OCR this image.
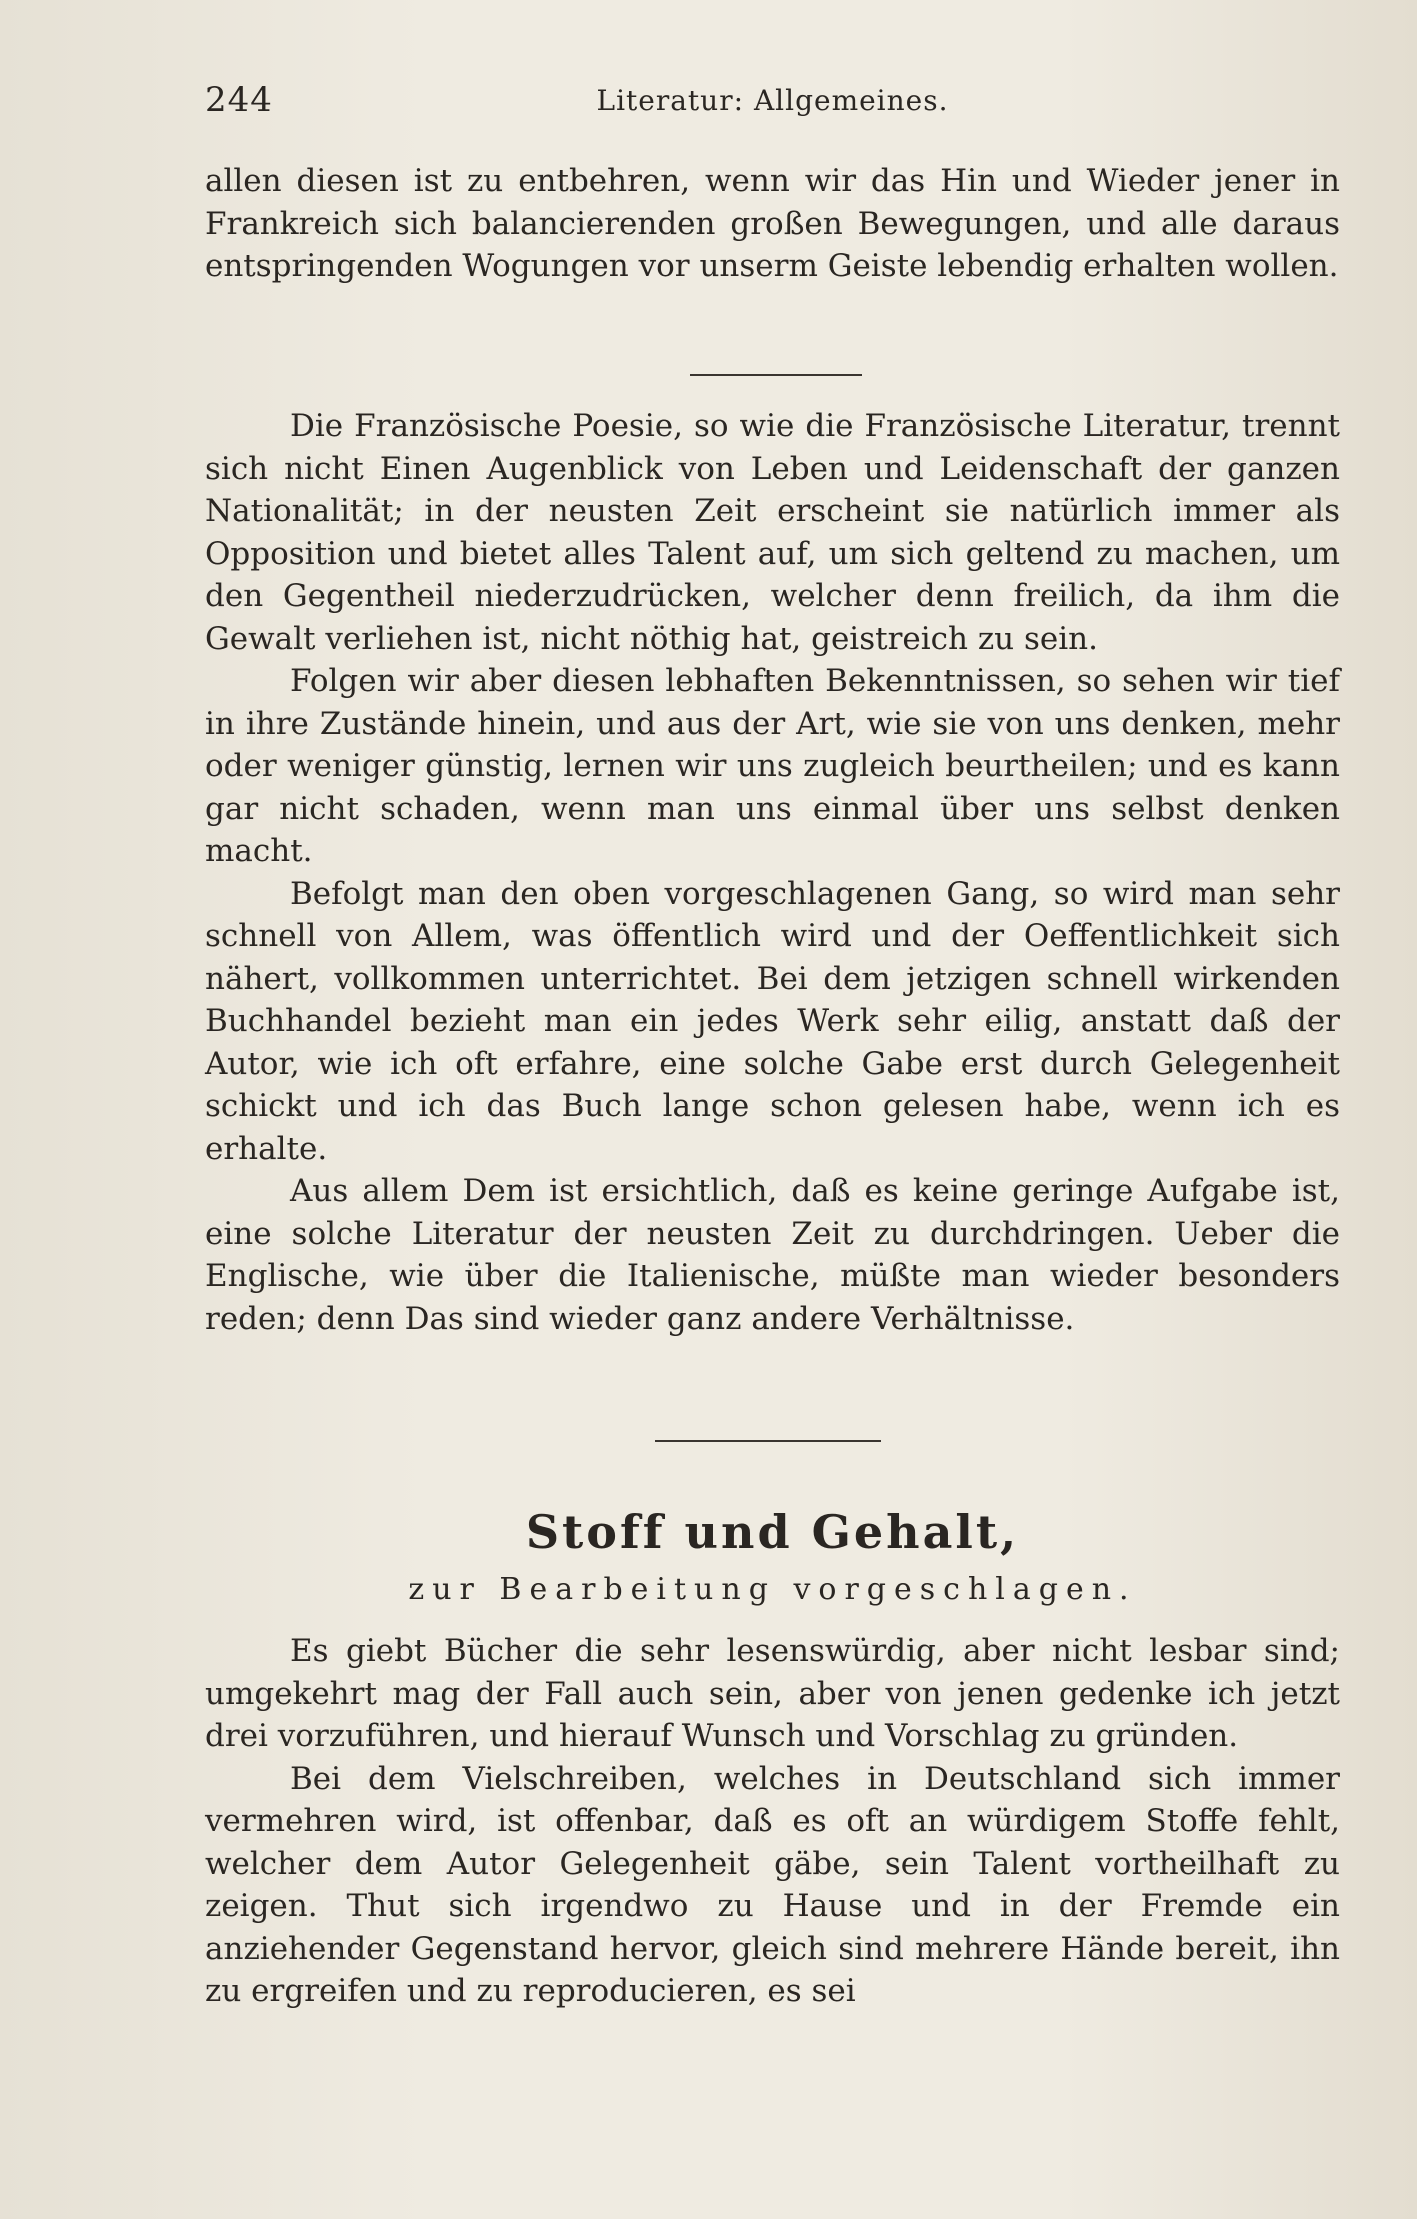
244	Literatur: Allgemeines.

allen diesen ist zu entbehren, wenn wir das Hin und Wieder jener in Frankreich sich balancierenden großen Bewegungen, und alle daraus entspringenden Wogungen vor unserm Geiste lebendig erhalten wollen.

Die Französische Poesie, so wie die Französische Literatur, trennt sich nicht Einen Augenblick von Leben und Leidenschaft der ganzen Nationalität; in der neusten Zeit erscheint sie natürlich immer als Opposition und bietet alles Talent auf, um sich geltend zu machen, um den Gegentheil niederzudrücken, welcher denn freilich, da ihm die Gewalt verliehen ist, nicht nöthig hat, geistreich zu sein.

Folgen wir aber diesen lebhaften Bekenntnissen, so sehen wir tief in ihre Zustände hinein, und aus der Art, wie sie von uns denken, mehr oder weniger günstig, lernen wir uns zugleich beurtheilen; und es kann gar nicht schaden, wenn man uns einmal über uns selbst denken macht.

Befolgt man den oben vorgeschlagenen Gang, so wird man sehr schnell von Allem, was öffentlich wird und der Oeffentlichkeit sich nähert, vollkommen unterrichtet. Bei dem jetzigen schnell wirkenden Buchhandel bezieht man ein jedes Werk sehr eilig, anstatt daß der Autor, wie ich oft erfahre, eine solche Gabe erst durch Gelegenheit schickt und ich das Buch lange schon gelesen habe, wenn ich es erhalte.

Aus allem Dem ist ersichtlich, daß es keine geringe Aufgabe ist, eine solche Literatur der neusten Zeit zu durchdringen. Ueber die Englische, wie über die Italienische, müßte man wieder besonders reden; denn Das sind wieder ganz andere Verhältnisse.

Stoff und Gehalt,
zur Bearbeitung vorgeschlagen.

Es giebt Bücher die sehr lesenswürdig, aber nicht lesbar sind; umgekehrt mag der Fall auch sein, aber von jenen gedenke ich jetzt drei vorzuführen, und hierauf Wunsch und Vorschlag zu gründen.

Bei dem Vielschreiben, welches in Deutschland sich immer vermehren wird, ist offenbar, daß es oft an würdigem Stoffe fehlt, welcher dem Autor Gelegenheit gäbe, sein Talent vortheilhaft zu zeigen. Thut sich irgendwo zu Hause und in der Fremde ein anziehender Gegenstand hervor, gleich sind mehrere Hände bereit, ihn zu ergreifen und zu reproducieren, es sei
